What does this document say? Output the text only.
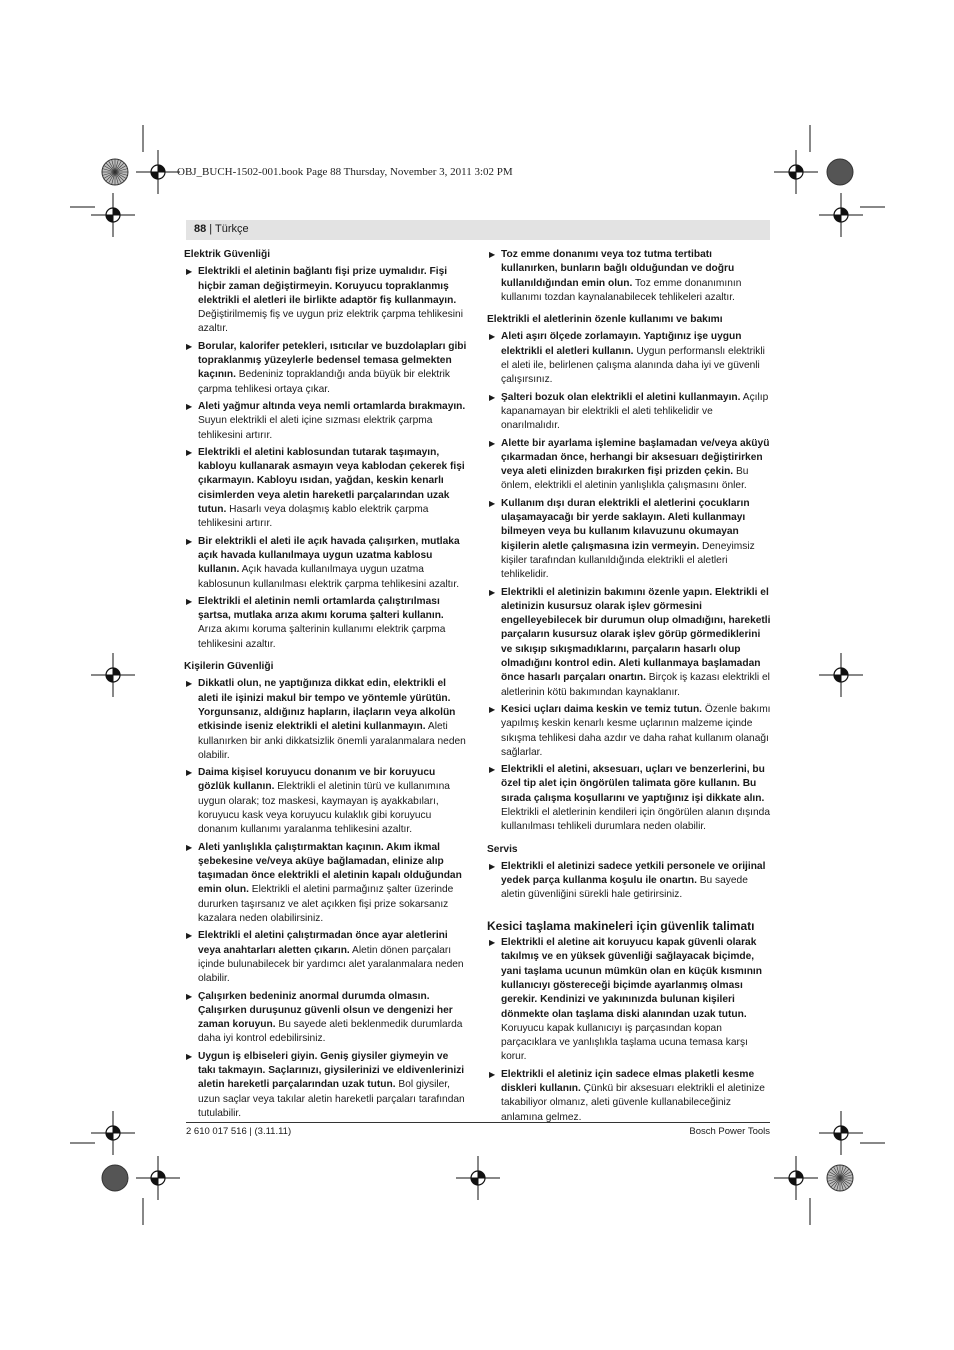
OBJ_BUCH-1502-001.book Page 88 Thursday, November 3, 2011 3:02 PM
88 | Türkçe
Elektrik Güvenliği
▶ Elektrikli el aletinin bağlantı fişi prize uymalıdır. Fişi hiçbir zaman değiştirmeyin. Koruyucu topraklanmış elektrikli el aletleri ile birlikte adaptör fiş kullanmayın. Değiştirilmemiş fiş ve uygun priz elektrik çarpma tehlikesini azaltır.
▶ Borular, kalorifer petekleri, ısıtıcılar ve buzdolapları gibi topraklanmış yüzeylerle bedensel temasa gelmekten kaçının. Bedeniniz topraklandığı anda büyük bir elektrik çarpma tehlikesi ortaya çıkar.
▶ Aleti yağmur altında veya nemli ortamlarda bırakmayın. Suyun elektrikli el aleti içine sızması elektrik çarpma tehlikesini artırır.
▶ Elektrikli el aletini kablosundan tutarak taşımayın, kabloyu kullanarak asmayın veya kablodan çekerek fişi çıkarmayın. Kabloyu ısıdan, yağdan, keskin kenarlı cisimlerden veya aletin hareketli parçalarından uzak tutun. Hasarlı veya dolaşmış kablo elektrik çarpma tehlikesini artırır.
▶ Bir elektrikli el aleti ile açık havada çalışırken, mutlaka açık havada kullanılmaya uygun uzatma kablosu kullanın. Açık havada kullanılmaya uygun uzatma kablosunun kullanılması elektrik çarpma tehlikesini azaltır.
▶ Elektrikli el aletinin nemli ortamlarda çalıştırılması şartsa, mutlaka arıza akımı koruma şalteri kullanın. Arıza akımı koruma şalterinin kullanımı elektrik çarpma tehlikesini azaltır.
Kişilerin Güvenliği
▶ Dikkatli olun, ne yaptığınıza dikkat edin, elektrikli el aleti ile işinizi makul bir tempo ve yöntemle yürütün. Yorgunsanız, aldığınız hapların, ilaçların veya alkolün etkisinde iseniz elektrikli el aletini kullanmayın. Aleti kullanırken bir anki dikkatsizlik önemli yaralanmalara neden olabilir.
▶ Daima kişisel koruyucu donanım ve bir koruyucu gözlük kullanın. Elektrikli el aletinin türü ve kullanımına uygun olarak; toz maskesi, kaymayan iş ayakkabıları, koruyucu kask veya koruyucu kulaklık gibi koruyucu donanım kullanımı yaralanma tehlikesini azaltır.
▶ Aleti yanlışlıkla çalıştırmaktan kaçının. Akım ikmal şebekesine ve/veya aküye bağlamadan, elinize alıp taşımadan önce elektrikli el aletinin kapalı olduğundan emin olun. Elektrikli el aletini parmağınız şalter üzerinde dururken taşırsanız ve alet açıkken fişi prize sokarsanız kazalara neden olabilirsiniz.
▶ Elektrikli el aletini çalıştırmadan önce ayar aletlerini veya anahtarları aletten çıkarın. Aletin dönen parçaları içinde bulunabilecek bir yardımcı alet yaralanmalara neden olabilir.
▶ Çalışırken bedeniniz anormal durumda olmasın. Çalışırken duruşunuz güvenli olsun ve dengenizi her zaman koruyun. Bu sayede aleti beklenmedik durumlarda daha iyi kontrol edebilirsiniz.
▶ Uygun iş elbiseleri giyin. Geniş giysiler giymeyin ve takı takmayın. Saçlarınızı, giysilerinizi ve eldivenlerinizi aletin hareketli parçalarından uzak tutun. Bol giysiler, uzun saçlar veya takılar aletin hareketli parçaları tarafından tutulabilir.
▶ Toz emme donanımı veya toz tutma tertibatı kullanırken, bunların bağlı olduğundan ve doğru kullanıldığından emin olun. Toz emme donanımının kullanımı tozdan kaynalanabilecek tehlikeleri azaltır.
Elektrikli el aletlerinin özenle kullanımı ve bakımı
▶ Aleti aşırı ölçede zorlamayın. Yaptığınız işe uygun elektrikli el aletleri kullanın. Uygun performanslı elektrikli el aleti ile, belirlenen çalışma alanında daha iyi ve güvenli çalışırsınız.
▶ Şalteri bozuk olan elektrikli el aletini kullanmayın. Açılıp kapanamayan bir elektrikli el aleti tehlikelidir ve onarılmalıdır.
▶ Alette bir ayarlama işlemine başlamadan ve/veya aküyü çıkarmadan önce, herhangi bir aksesuarı değiştirirken veya aleti elinizden bırakırken fişi prizden çekin. Bu önlem, elektrikli el aletinin yanlışlıkla çalışmasını önler.
▶ Kullanım dışı duran elektrikli el aletlerini çocukların ulaşamayacağı bir yerde saklayın. Aleti kullanmayı bilmeyen veya bu kullanım kılavuzunu okumayan kişilerin aletle çalışmasına izin vermeyin. Deneyimsiz kişiler tarafından kullanıldığında elektrikli el aletleri tehlikelidir.
▶ Elektrikli el aletinizin bakımını özenle yapın. Elektrikli el aletinizin kusursuz olarak işlev görmesini engelleyebilecek bir durumun olup olmadığını, hareketli parçaların kusursuz olarak işlev görüp görmediklerini ve sıkışıp sıkışmadıklarını, parçaların hasarlı olup olmadığını kontrol edin. Aleti kullanmaya başlamadan önce hasarlı parçaları onartın. Birçok iş kazası elektrikli el aletlerinin kötü bakımından kaynaklanır.
▶ Kesici uçları daima keskin ve temiz tutun. Özenle bakımı yapılmış keskin kenarlı kesme uçlarının malzeme içinde sıkışma tehlikesi daha azdır ve daha rahat kullanım olanağı sağlarlar.
▶ Elektrikli el aletini, aksesuarı, uçları ve benzerlerini, bu özel tip alet için öngörülen talimata göre kullanın. Bu sırada çalışma koşullarını ve yaptığınız işi dikkate alın. Elektrikli el aletlerinin kendileri için öngörülen alanın dışında kullanılması tehlikeli durumlara neden olabilir.
Servis
▶ Elektrikli el aletinizi sadece yetkili personele ve orijinal yedek parça kullanma koşulu ile onartın. Bu sayede aletin güvenliğini sürekli hale getirirsiniz.
Kesici taşlama makineleri için güvenlik talimatı
▶ Elektrikli el aletine ait koruyucu kapak güvenli olarak takılmış ve en yüksek güvenliği sağlayacak biçimde, yani taşlama ucunun mümkün olan en küçük kısmının kullanıcıyı göstereceği biçimde ayarlanmış olması gerekir. Kendinizi ve yakınınızda bulunan kişileri dönmekte olan taşlama diski alanından uzak tutun. Koruyucu kapak kullanıcıyı iş parçasından kopan parçacıklara ve yanlışlıkla taşlama ucuna temasa karşı korur.
▶ Elektrikli el aletiniz için sadece elmas plaketli kesme diskleri kullanın. Çünkü bir aksesuarı elektrikli el aletinize takabiliyor olmanız, aleti güvenle kullanabileceğiniz anlamına gelmez.
2 610 017 516 | (3.11.11)	Bosch Power Tools
